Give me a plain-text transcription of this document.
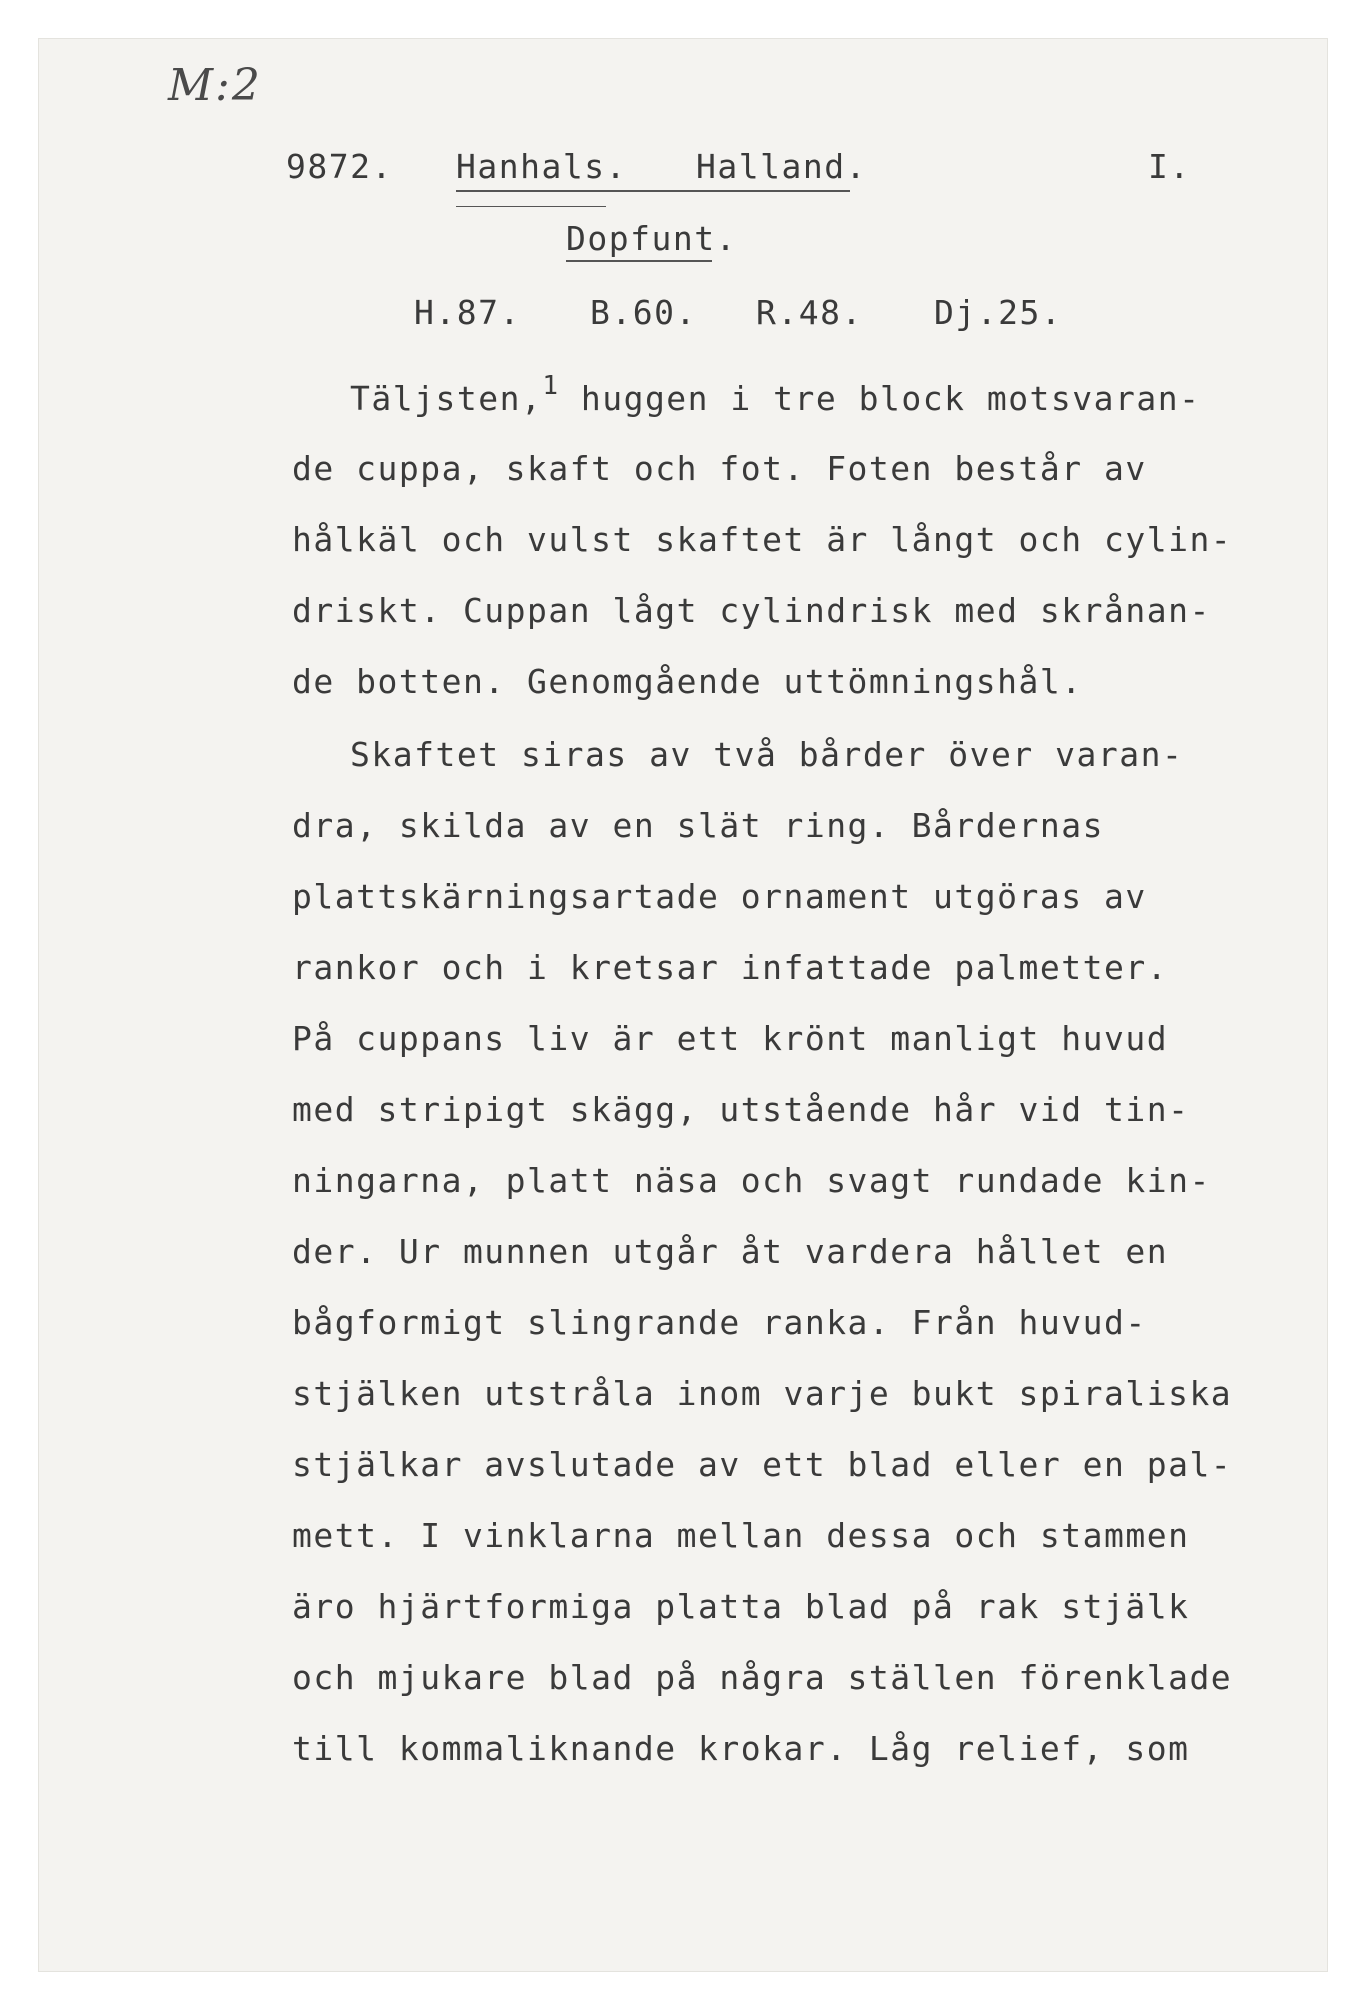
M:2

9872. Hanhals. Halland.	I.

Dopfunt.

H.87. B.60. R.48. Dj.25.

Täljsten,$^1$ huggen i tre block motsvaran-

de cuppa, skaft och fot. Foten består av

hålkäl och vulst skaftet är långt och cylin-

driskt. Cuppan lågt cylindrisk med skrånan-

de botten. Genomgående uttömningshål.

Skaftet siras av två bårder över varan-

dra, skilda av en slät ring. Bårdernas

plattskärningsartade ornament utgöras av

rankor och i kretsar infattade palmetter.

På cuppans liv är ett krönt manligt huvud

med stripigt skägg, utstående hår vid tin-

ningarna, platt näsa och svagt rundade kin-

der. Ur munnen utgår åt vardera hållet en

bågformigt slingrande ranka. Från huvud-

stjälken utstråla inom varje bukt spiraliska

stjälkar avslutade av ett blad eller en pal-

mett. I vinklarna mellan dessa och stammen

äro hjärtformiga platta blad på rak stjälk

och mjukare blad på några ställen förenklade

till kommaliknande krokar. Låg relief, som
